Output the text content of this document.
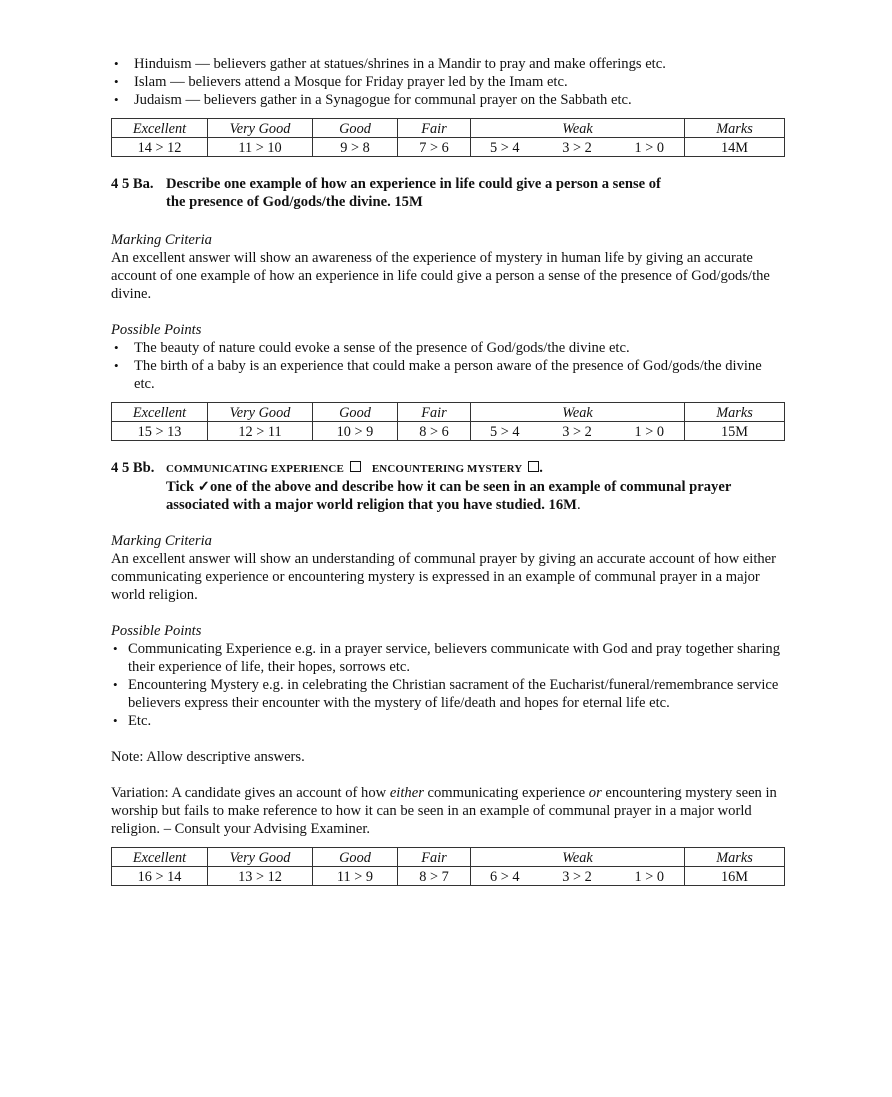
• Hinduism — believers gather at statues/shrines in a Mandir to pray and make offerings etc.
• Islam — believers attend a Mosque for Friday prayer led by the Imam etc.
• Judaism — believers gather in a Synagogue for communal prayer on the Sabbath etc.
Excellent	Very Good	Good	Fair	Weak	Marks
14 > 12	11 > 10	9 > 8	7 > 6	5 > 4 3 > 2 1 > 0	14M
4 5 Ba. Describe one example of how an experience in life could give a person a sense of
the presence of God/gods/the divine. 15M

Marking Criteria

An excellent answer will show an awareness of the experience of mystery in human life by giving an accurate account of one example of how an experience in life could give a person a sense of the presence of God/gods/the divine.

Possible Points

• The beauty of nature could evoke a sense of the presence of God/gods/the divine etc.
• The birth of a baby is an experience that could make a person aware of the presence of God/gods/the divine etc.
Excellent	Very Good	Good	Fair	Weak	Marks
15 > 13	12 > 11	10 > 9	8 > 6	5 > 4 3 > 2 1 > 0	15M
4 5 Bb.	COMMUNICATING EXPERIENCE	ENCOUNTERING MYSTERY .
Tick ✓one of the above and describe how it can be seen in an example of communal prayer
associated with a major world religion that you have studied. 16M.

Marking Criteria

An excellent answer will show an understanding of communal prayer by giving an accurate account of how either communicating experience or encountering mystery is expressed in an example of communal prayer in a major world religion.

Possible Points

• Communicating Experience e.g. in a prayer service, believers communicate with God and pray together sharing their experience of life, their hopes, sorrows etc.
• Encountering Mystery e.g. in celebrating the Christian sacrament of the Eucharist/funeral/remembrance service believers express their encounter with the mystery of life/death and hopes for eternal life etc.
• Etc.

Note: Allow descriptive answers.

Variation: A candidate gives an account of how either communicating experience or encountering mystery seen in worship but fails to make reference to how it can be seen in an example of communal prayer in a major world religion. – Consult your Advising Examiner.

Excellent	Very Good	Good	Fair	Weak	Marks
16 > 14	13 > 12	11 > 9	8 > 7	6 > 4 3 > 2 1 > 0	16M
